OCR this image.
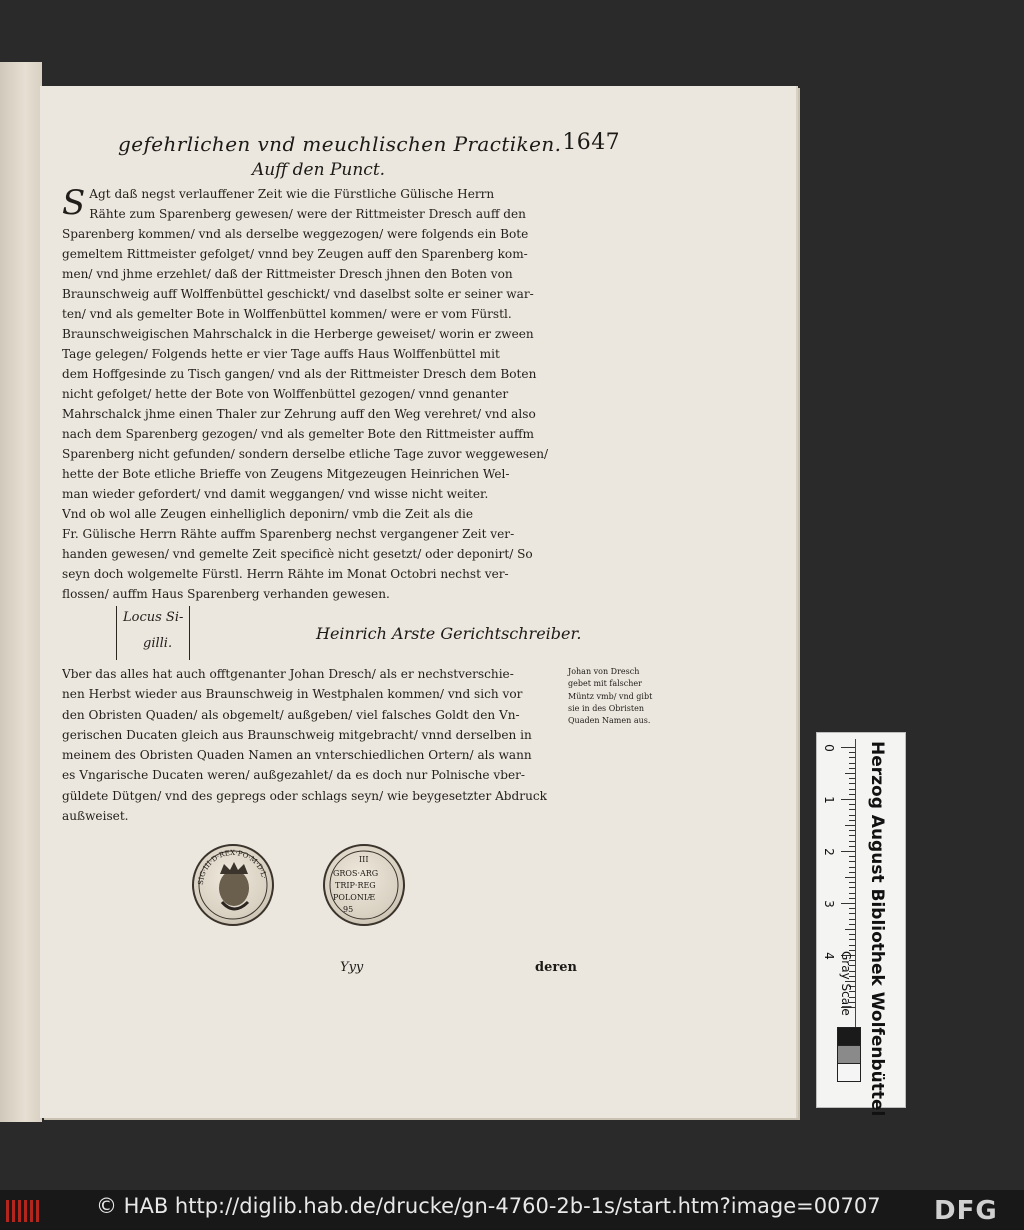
gefehrlichen vnd meuchlischen Practiken. 1647
Auff den Punct.
S Agt daß negst verlauffener Zeit wie die Fürstliche Gülische Herrn
Rähte zum Sparenberg gewesen/ were der Rittmeister Dresch auff den
Sparenberg kommen/ vnd als derselbe weggezogen/ were folgends ein Bote
gemeltem Rittmeister gefolget/ vnnd bey Zeugen auff den Sparenberg kom-
men/ vnd jhme erzehlet/ daß der Rittmeister Dresch jhnen den Boten von
Braunschweig auff Wolffenbüttel geschickt/ vnd daselbst solte er seiner war-
ten/ vnd als gemelter Bote in Wolffenbüttel kommen/ were er vom Fürstl.
Braunschweigischen Mahrschalck in die Herberge geweiset/ worin er zween
Tage gelegen/ Folgends hette er vier Tage auffs Haus Wolffenbüttel mit
dem Hoffgesinde zu Tisch gangen/ vnd als der Rittmeister Dresch dem Boten
nicht gefolget/ hette der Bote von Wolffenbüttel gezogen/ vnnd genanter
Mahrschalck jhme einen Thaler zur Zehrung auff den Weg verehret/ vnd also
nach dem Sparenberg gezogen/ vnd als gemelter Bote den Rittmeister auffm
Sparenberg nicht gefunden/ sondern derselbe etliche Tage zuvor weggewesen/
hette der Bote etliche Brieffe von Zeugens Mitgezeugen Heinrichen Wel-
man wieder gefordert/ vnd damit weggangen/ vnd wisse nicht weiter.
Vnd ob wol alle Zeugen einhelliglich deponirn/ vmb die Zeit als die
Fr. Gülische Herrn Rähte auffm Sparenberg nechst vergangener Zeit ver-
handen gewesen/ vnd gemelte Zeit specificè nicht gesetzt/ oder deponirt/ So
seyn doch wolgemelte Fürstl. Herrn Rähte im Monat Octobri nechst ver-
flossen/ auffm Haus Sparenberg verhanden gewesen.
Locus Si-
gilli.
Heinrich Arste Gerichtschreiber.
Vber das alles hat auch offtgenanter Johan Dresch/ als er nechstverschie-
nen Herbst wieder aus Braunschweig in Westphalen kommen/ vnd sich vor
den Obristen Quaden/ als obgemelt/ außgeben/ viel falsches Goldt den Vn-
gerischen Ducaten gleich aus Braunschweig mitgebracht/ vnnd derselben in
meinem des Obristen Quaden Namen an vnterschiedlichen Ortern/ als wann
es Vngarische Ducaten weren/ außgezahlet/ da es doch nur Polnische vber-
güldete Dütgen/ vnd des gepregs oder schlags seyn/ wie beygesetzter Abdruck
außweiset.
Johan von Dresch
gebet mit falscher
Müntz vmb/ vnd gibt
sie in des Obristen
Quaden Namen aus.
SIG·III·D·REX·PO·M·D·L·
III
GROS·ARG
TRIP·REG
POLONIÆ
95
Yyy	deren
0
1
2
3
4 Herzog August Bibliothek Wolfenbüttel
Gray Scale
© HAB http://diglib.hab.de/drucke/gn-4760-2b-1s/start.htm?image=00707 DFG
